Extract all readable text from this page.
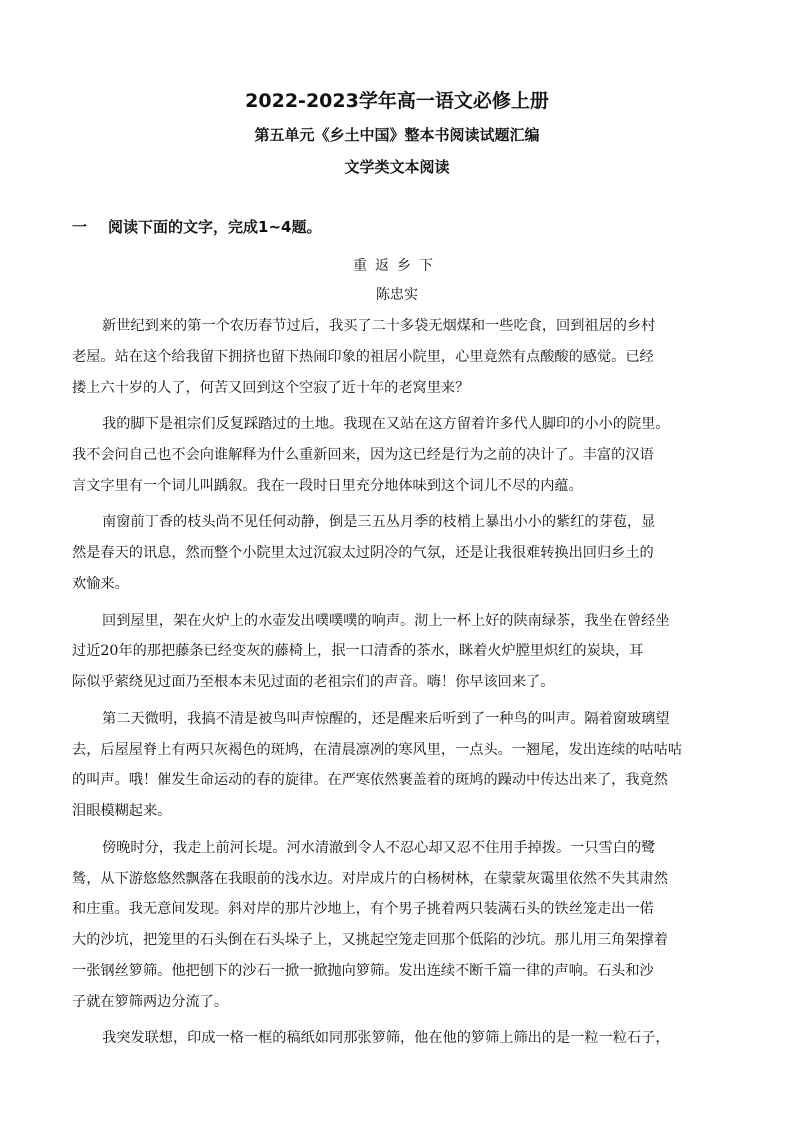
2022-2023学年高一语文必修上册
第五单元《乡土中国》整本书阅读试题汇编
文学类文本阅读
一 阅读下面的文字，完成1~4题。
重返乡下
陈忠实
新世纪到来的第一个农历春节过后，我买了二十多袋无烟煤和一些吃食，回到祖居的乡村
老屋。站在这个给我留下拥挤也留下热闹印象的祖居小院里，心里竟然有点酸酸的感觉。已经
搂上六十岁的人了，何苦又回到这个空寂了近十年的老窝里来？
我的脚下是祖宗们反复踩踏过的土地。我现在又站在这方留着许多代人脚印的小小的院里。
我不会问自己也不会向谁解释为什么重新回来，因为这已经是行为之前的决计了。丰富的汉语
言文字里有一个词儿叫踽叙。我在一段时日里充分地体味到这个词儿不尽的内蕴。
南窗前丁香的枝头尚不见任何动静，倒是三五丛月季的枝梢上暴出小小的紫红的芽苞，显
然是春天的讯息，然而整个小院里太过沉寂太过阴冷的气氛，还是让我很难转换出回归乡土的
欢愉来。
回到屋里，架在火炉上的水壶发出噗噗噗的响声。沏上一杯上好的陕南绿茶，我坐在曾经坐
过近20年的那把藤条已经变灰的藤椅上，抿一口清香的茶水，眯着火炉膛里炽红的炭块，耳
际似乎萦绕见过面乃至根本未见过面的老祖宗们的声音。嗨！你早该回来了。
第二天微明，我搞不清是被鸟叫声惊醒的，还是醒来后听到了一种鸟的叫声。隔着窗玻璃望
去，后屋屋脊上有两只灰褐色的斑鸠，在清晨凛冽的寒风里，一点头。一翘尾，发出连续的咕咕咕
的叫声。哦！催发生命运动的春的旋律。在严寒依然裹盖着的斑鸠的躁动中传达出来了，我竟然
泪眼模糊起来。
傍晚时分，我走上前河长堤。河水清澈到令人不忍心却又忍不住用手掉拨。一只雪白的鹭
鸶，从下游悠悠然飘落在我眼前的浅水边。对岸成片的白杨树林，在蒙蒙灰霭里依然不失其肃然
和庄重。我无意间发现。斜对岸的那片沙地上，有个男子挑着两只装满石头的铁丝笼走出一偌
大的沙坑，把笼里的石头倒在石头垛子上，又挑起空笼走回那个低陷的沙坑。那儿用三角架撑着
一张钢丝箩筛。他把刨下的沙石一掀一掀抛向箩筛。发出连续不断千篇一律的声响。石头和沙
子就在箩筛两边分流了。
我突发联想，印成一格一框的稿纸如同那张箩筛，他在他的箩筛上筛出的是一粒一粒石子，
